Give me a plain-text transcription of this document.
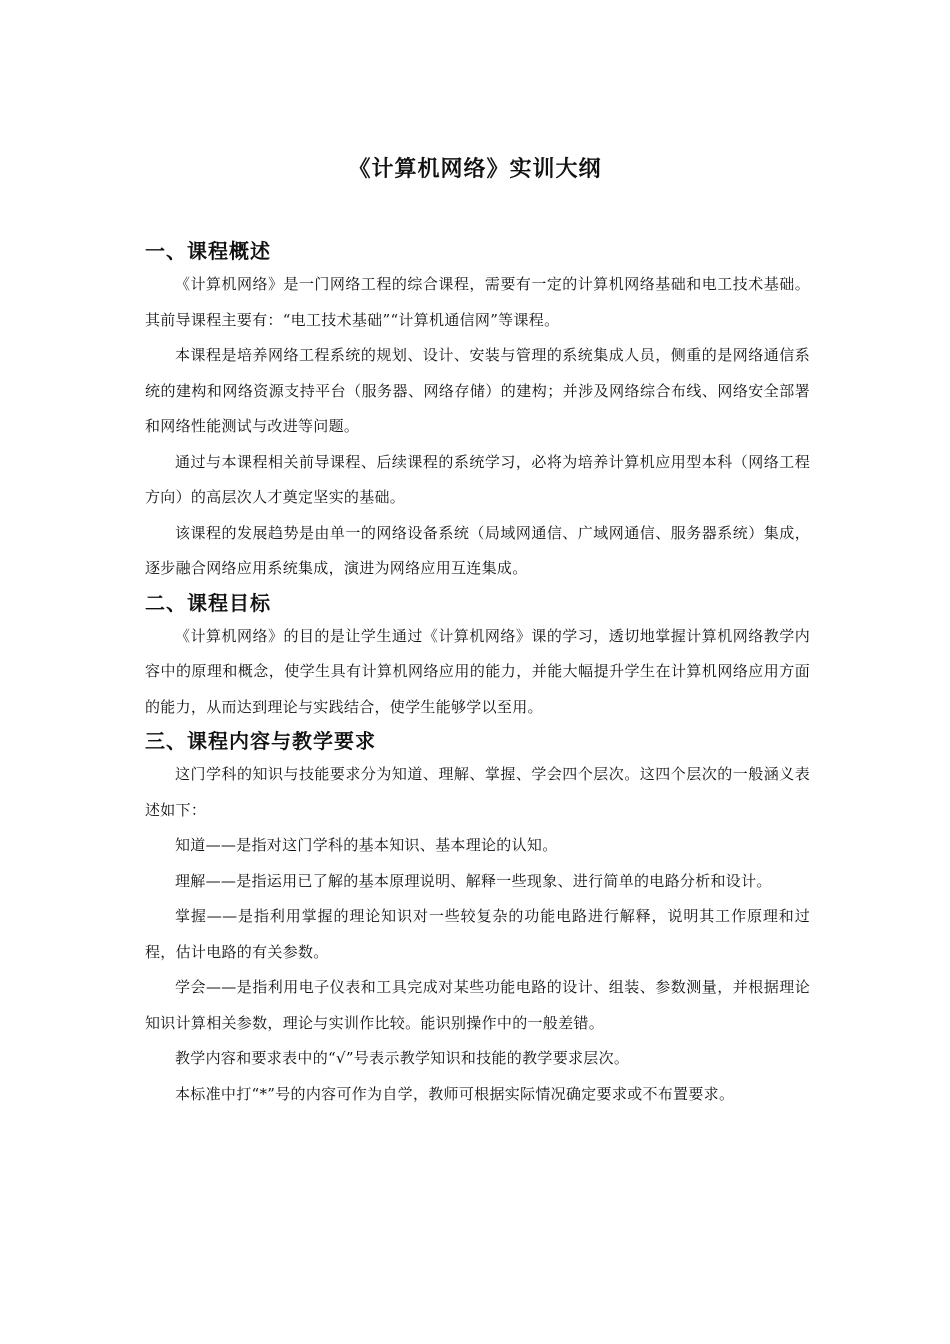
《计算机网络》实训大纲
一、课程概述

《计算机网络》是一门网络工程的综合课程，需要有一定的计算机网络基础和电工技术基础。其前导课程主要有：“电工技术基础”“计算机通信网”等课程。

本课程是培养网络工程系统的规划、设计、安装与管理的系统集成人员，侧重的是网络通信系统的建构和网络资源支持平台（服务器、网络存储）的建构；并涉及网络综合布线、网络安全部署和网络性能测试与改进等问题。

通过与本课程相关前导课程、后续课程的系统学习，必将为培养计算机应用型本科（网络工程方向）的高层次人才奠定坚实的基础。

该课程的发展趋势是由单一的网络设备系统（局域网通信、广域网通信、服务器系统）集成，逐步融合网络应用系统集成，演进为网络应用互连集成。

二、课程目标

《计算机网络》的目的是让学生通过《计算机网络》课的学习，透切地掌握计算机网络教学内容中的原理和概念，使学生具有计算机网络应用的能力，并能大幅提升学生在计算机网络应用方面的能力，从而达到理论与实践结合，使学生能够学以至用。

三、课程内容与教学要求

这门学科的知识与技能要求分为知道、理解、掌握、学会四个层次。这四个层次的一般涵义表述如下：

知道——是指对这门学科的基本知识、基本理论的认知。

理解——是指运用已了解的基本原理说明、解释一些现象、进行简单的电路分析和设计。

掌握——是指利用掌握的理论知识对一些较复杂的功能电路进行解释，说明其工作原理和过程，估计电路的有关参数。

学会——是指利用电子仪表和工具完成对某些功能电路的设计、组装、参数测量，并根据理论知识计算相关参数，理论与实训作比较。能识别操作中的一般差错。

教学内容和要求表中的“√”号表示教学知识和技能的教学要求层次。

本标准中打“*”号的内容可作为自学，教师可根据实际情况确定要求或不布置要求。
